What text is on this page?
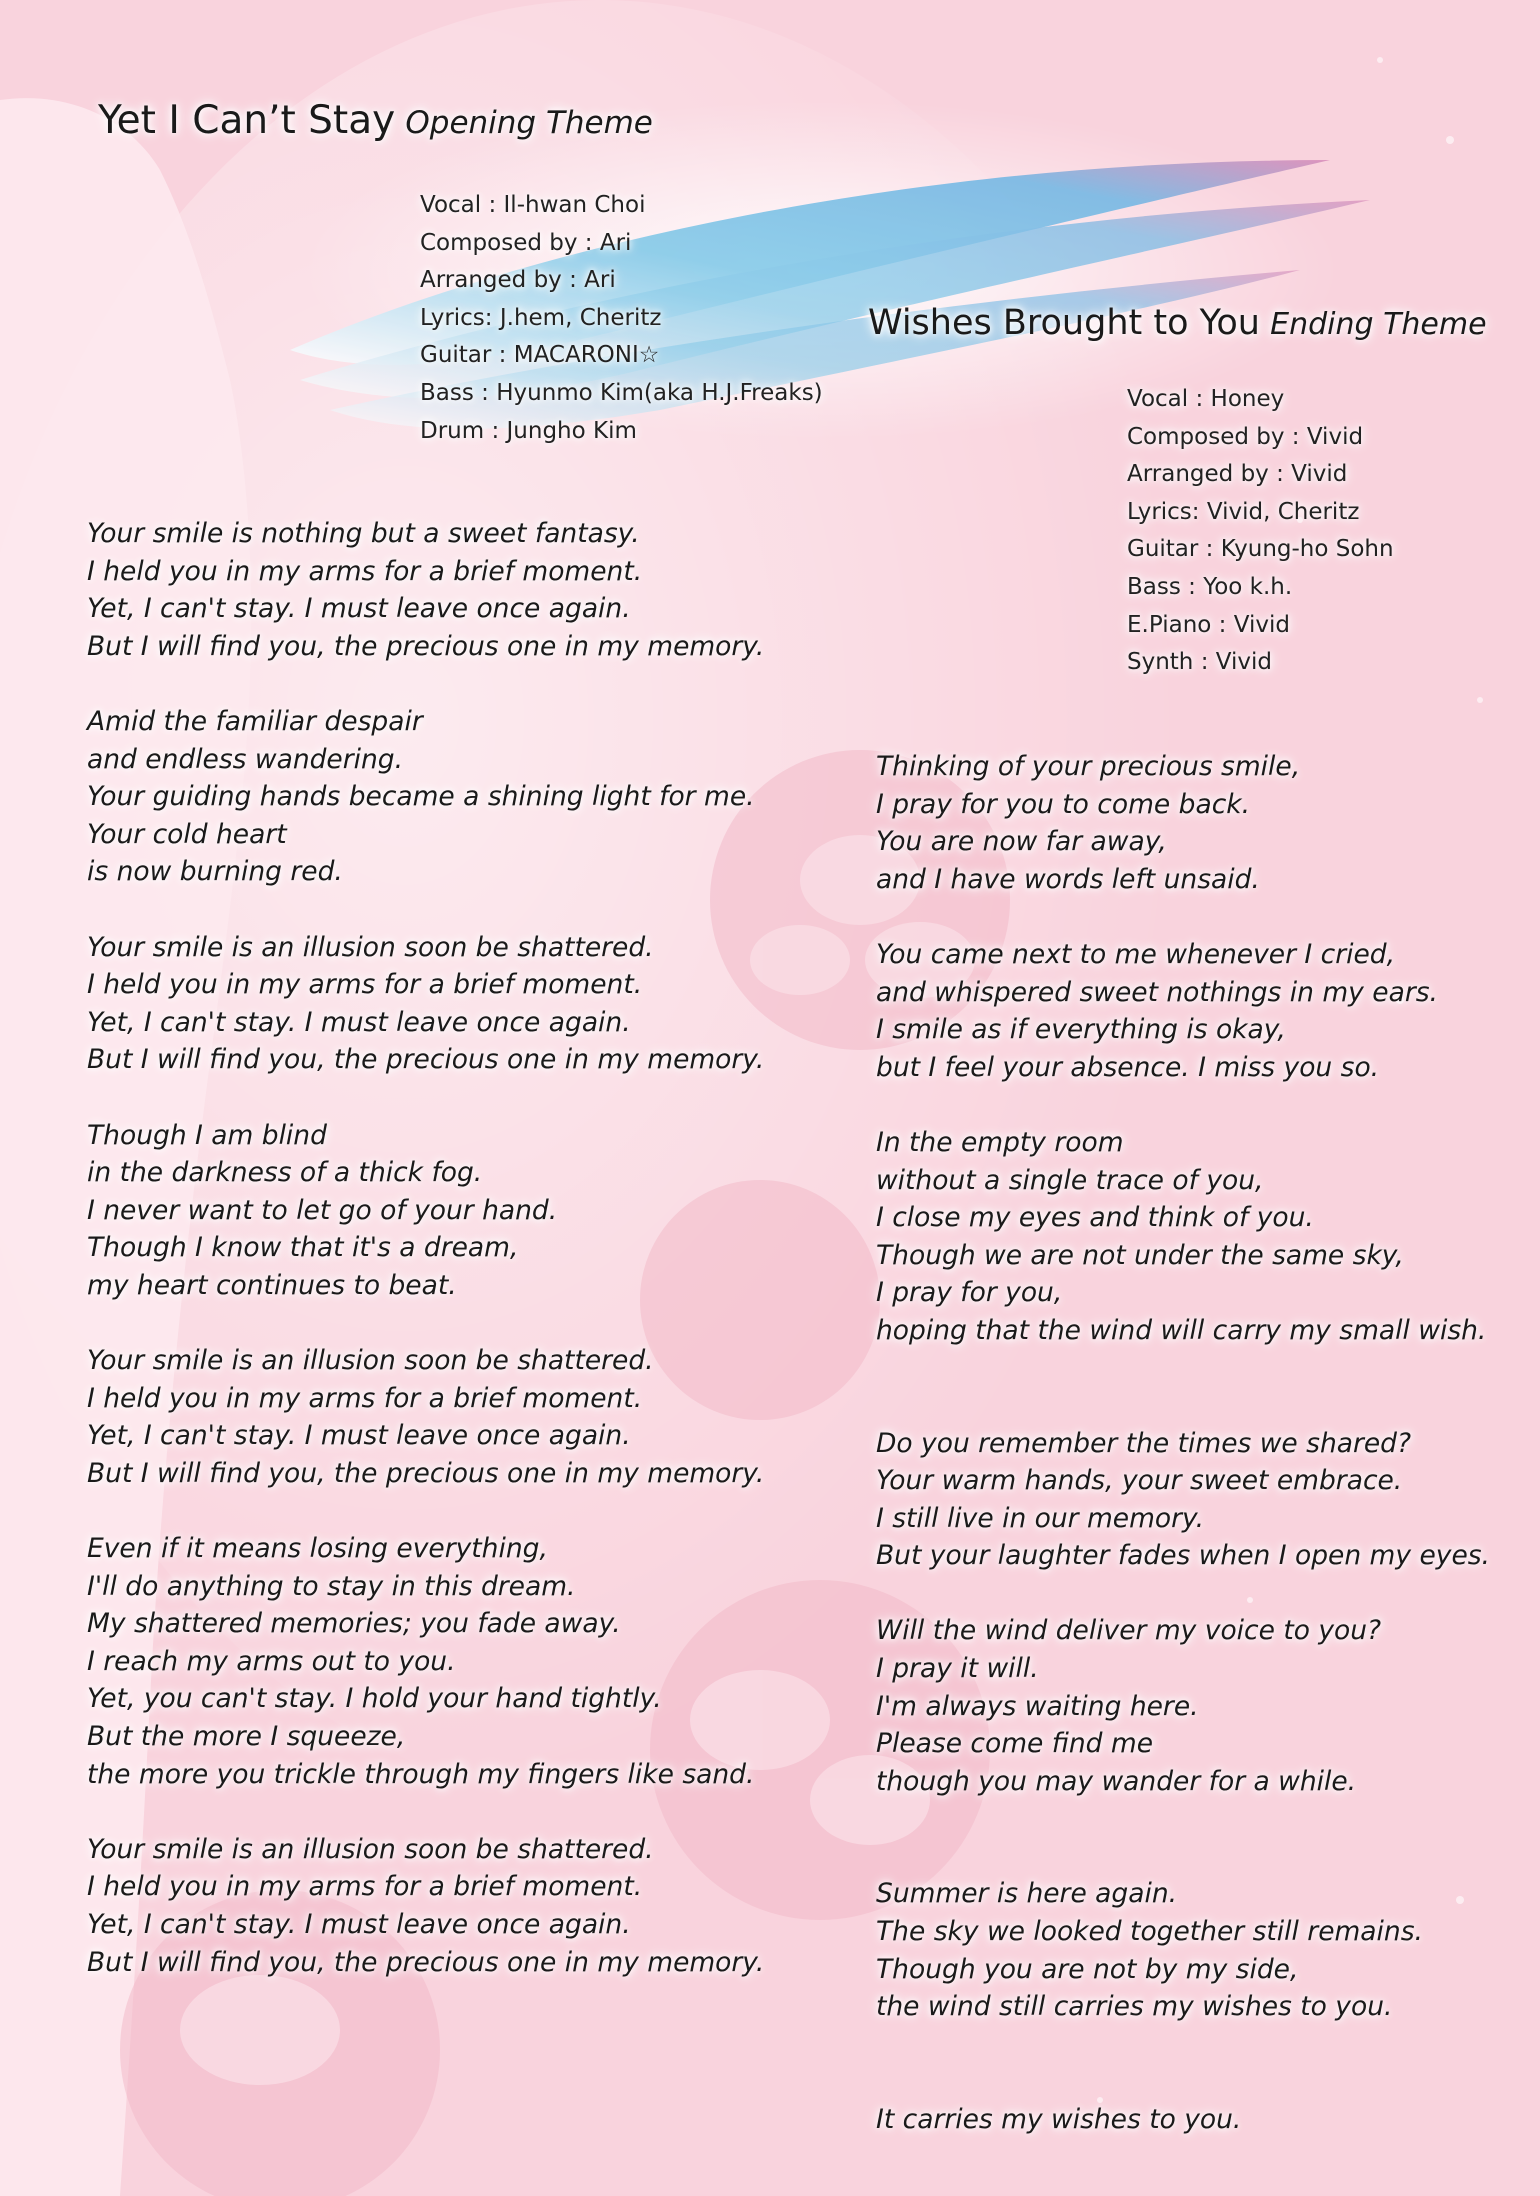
Yet I Can’t Stay Opening Theme
Vocal : Il-hwan Choi
Composed by : Ari
Arranged by : Ari
Lyrics: J.hem, Cheritz
Guitar : MACARONI☆
Bass : Hyunmo Kim(aka H.J.Freaks)
Drum : Jungho Kim
Wishes Brought to You Ending Theme
Vocal : Honey
Composed by : Vivid
Arranged by : Vivid
Lyrics: Vivid, Cheritz
Guitar : Kyung-ho Sohn
Bass : Yoo k.h.
E.Piano : Vivid
Synth : Vivid

Your smile is nothing but a sweet fantasy.
I held you in my arms for a brief moment.
Yet, I can't stay. I must leave once again.
But I will find you, the precious one in my memory.

Amid the familiar despair
and endless wandering.
Your guiding hands became a shining light for me.
Your cold heart
is now burning red.

Your smile is an illusion soon be shattered.
I held you in my arms for a brief moment.
Yet, I can't stay. I must leave once again.
But I will find you, the precious one in my memory.

Though I am blind
in the darkness of a thick fog.
I never want to let go of your hand.
Though I know that it's a dream,
my heart continues to beat.

Your smile is an illusion soon be shattered.
I held you in my arms for a brief moment.
Yet, I can't stay. I must leave once again.
But I will find you, the precious one in my memory.

Even if it means losing everything,
I'll do anything to stay in this dream.
My shattered memories; you fade away.
I reach my arms out to you.
Yet, you can't stay. I hold your hand tightly.
But the more I squeeze,
the more you trickle through my fingers like sand.

Your smile is an illusion soon be shattered.
I held you in my arms for a brief moment.
Yet, I can't stay. I must leave once again.
But I will find you, the precious one in my memory.

Thinking of your precious smile,
I pray for you to come back.
You are now far away,
and I have words left unsaid.

You came next to me whenever I cried,
and whispered sweet nothings in my ears.
I smile as if everything is okay,
but I feel your absence. I miss you so.

In the empty room
without a single trace of you,
I close my eyes and think of you.
Though we are not under the same sky,
I pray for you,
hoping that the wind will carry my small wish.

Do you remember the times we shared?
Your warm hands, your sweet embrace.
I still live in our memory.
But your laughter fades when I open my eyes.

Will the wind deliver my voice to you?
I pray it will.
I'm always waiting here.
Please come find me
though you may wander for a while.

Summer is here again.
The sky we looked together still remains.
Though you are not by my side,
the wind still carries my wishes to you.

It carries my wishes to you.
